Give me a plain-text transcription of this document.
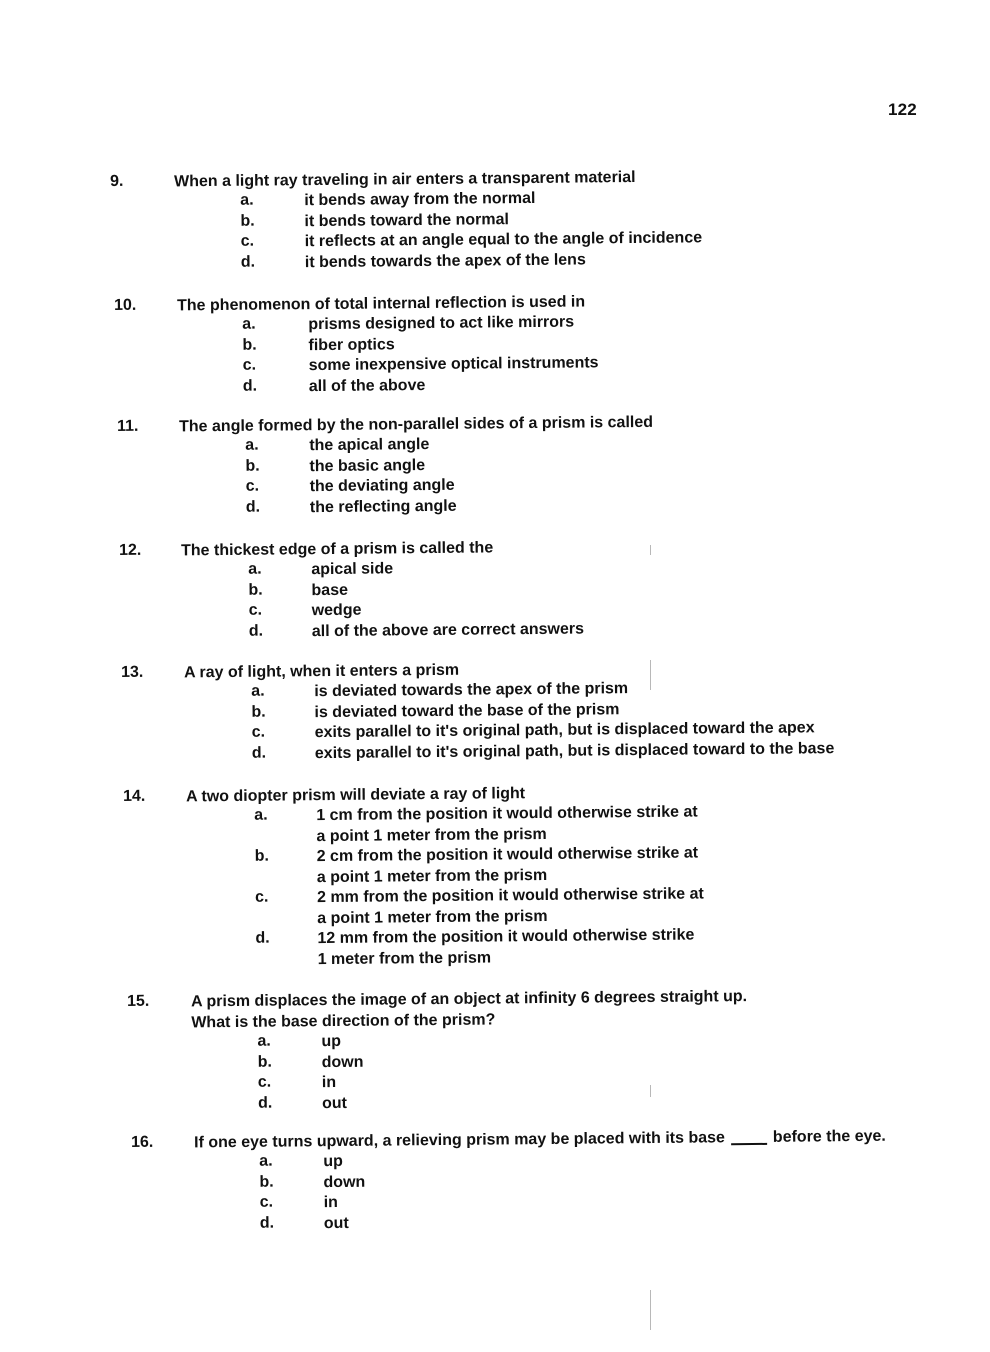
122
9.	When a light ray traveling in air enters a transparent material
a.	it bends away from the normal
b.	it bends toward the normal
c.	it reflects at an angle equal to the angle of incidence
d.	it bends towards the apex of the lens
10.	The phenomenon of total internal reflection is used in
a.	prisms designed to act like mirrors
b.	fiber optics
c.	some inexpensive optical instruments
d.	all of the above
11.	The angle formed by the non-parallel sides of a prism is called
a.	the apical angle
b.	the basic angle
c.	the deviating angle
d.	the reflecting angle
12. The thickest edge of a prism is called the
a.	apical side
b.	base
c.	wedge
d.	all of the above are correct answers
13.	A ray of light, when it enters a prism
a.	is deviated towards the apex of the prism
b.	is deviated toward the base of the prism
c.	exits parallel to it's original path, but is displaced toward the apex
d.	exits parallel to it's original path, but is displaced toward to the base
14.	A two diopter prism will deviate a ray of light
a.	1 cm from the position it would otherwise strike at
a point 1 meter from the prism
b.	2 cm from the position it would otherwise strike at
a point 1 meter from the prism
c.	2 mm from the position it would otherwise strike at
a point 1 meter from the prism
d.	12 mm from the position it would otherwise strike
1 meter from the prism
15.	A prism displaces the image of an object at infinity 6 degrees straight up.
What is the base direction of the prism?
a.	up
b.	down
c.	in
d.	out
16.	If one eye turns upward, a relieving prism may be placed with its base	before the eye.
a.	up
b.	down
c.	in
d.	out
